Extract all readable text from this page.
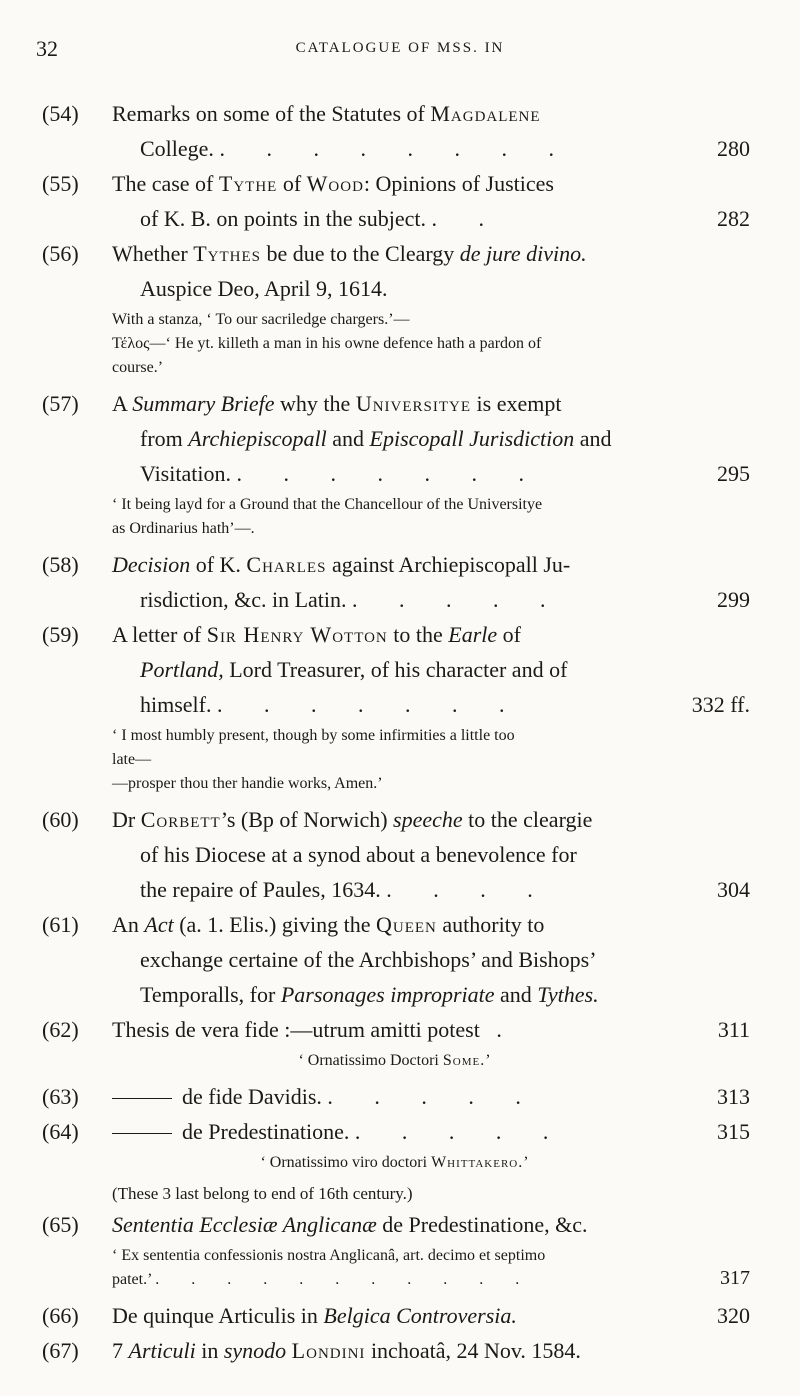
32	CATALOGUE OF MSS. IN
(54)	Remarks on some of the Statutes of Magdalene
College. . . . . . . . .	280
(55)	The case of Tythe of Wood: Opinions of Justices
of K. B. on points in the subject. . .	282
(56)	Whether Tythes be due to the Cleargy de jure divino.
Auspice Deo, April 9, 1614.
With a stanza, ‘ To our sacriledge chargers.’—
Τέλος—‘ He yt. killeth a man in his owne defence hath a pardon of
course.’
(57)	A Summary Briefe why the Universitye is exempt
from Archiepiscopall and Episcopall Jurisdiction and
Visitation. . . . . . . .	295
‘ It being layd for a Ground that the Chancellour of the Universitye
as Ordinarius hath’—.
(58)	Decision of K. Charles against Archiepiscopall Ju-
risdiction, &c. in Latin. . . . . .	299
(59)	A letter of Sir Henry Wotton to the Earle of
Portland, Lord Treasurer, of his character and of
himself. . . . . . . .	332 ff.
‘ I most humbly present, though by some infirmities a little too
late—
—prosper thou ther handie works, Amen.’
(60)	Dr Corbett’s (Bp of Norwich) speeche to the cleargie
of his Diocese at a synod about a benevolence for
the repaire of Paules, 1634. . . . .	304
(61)	An Act (a. 1. Elis.) giving the Queen authority to
exchange certaine of the Archbishops’ and Bishops’
Temporalls, for Parsonages impropriate and Tythes.
(62)	Thesis de vera fide :—utrum amitti potest .	311
‘ Ornatissimo Doctori Some.’
(63)	de fide Davidis. . . . . .	313
(64)	de Predestinatione. . . . . .	315
‘ Ornatissimo viro doctori Whittakero.’
(These 3 last belong to end of 16th century.)
(65)	Sententia Ecclesiæ Anglicanæ de Predestinatione, &c.
‘ Ex sententia confessionis nostra Anglicanâ, art. decimo et septimo
patet.’ . . . . . . . . . . .	317
(66)	De quinque Articulis in Belgica Controversia.	320
(67)	7 Articuli in synodo Londini inchoatâ, 24 Nov. 1584.
